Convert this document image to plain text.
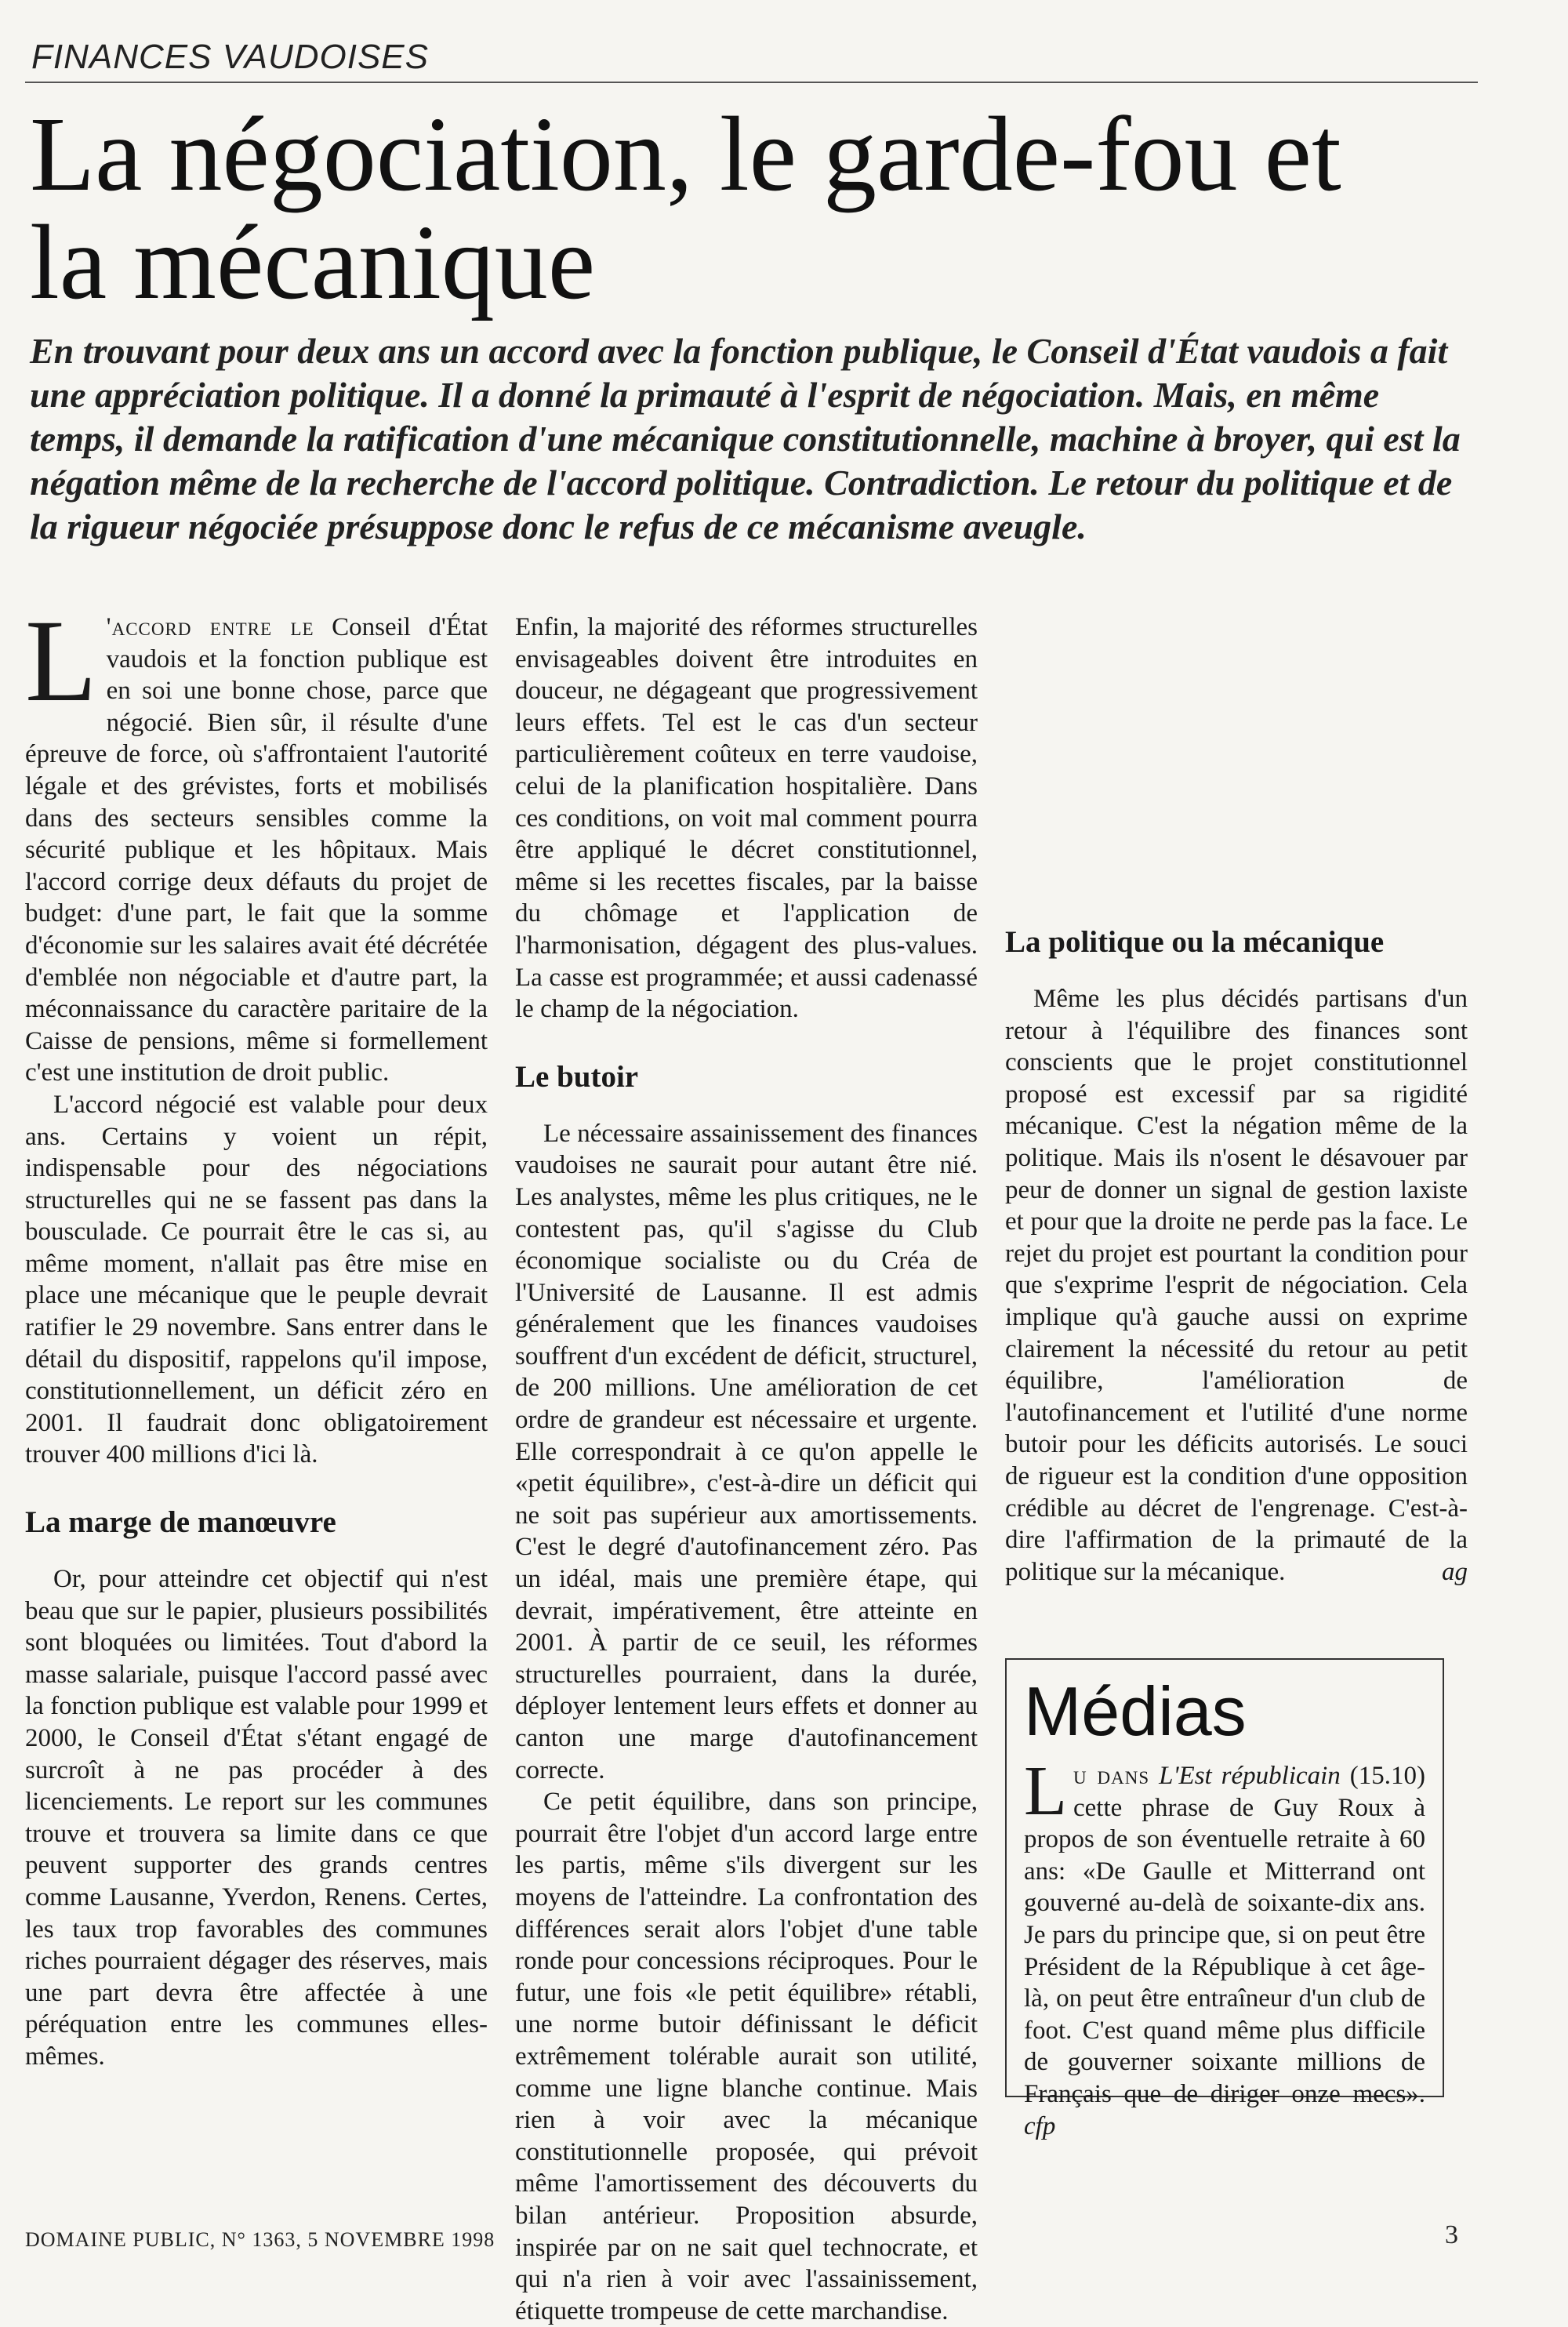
FINANCES VAUDOISES
La négociation, le garde-fou et la mécanique
En trouvant pour deux ans un accord avec la fonction publique, le Conseil d'État vaudois a fait une appréciation politique. Il a donné la primauté à l'esprit de négociation. Mais, en même temps, il demande la ratification d'une mécanique constitutionnelle, machine à broyer, qui est la négation même de la recherche de l'accord politique. Contradiction. Le retour du politique et de la rigueur négociée présuppose donc le refus de ce mécanisme aveugle.

L 'accord entre le Conseil d'État vaudois et la fonction publique est en soi une bonne chose, parce que négocié. Bien sûr, il résulte d'une épreuve de force, où s'affrontaient l'autorité légale et des grévistes, forts et mobilisés dans des secteurs sensibles comme la sécurité publique et les hôpitaux. Mais l'accord corrige deux défauts du projet de budget: d'une part, le fait que la somme d'économie sur les salaires avait été décrétée d'emblée non négociable et d'autre part, la méconnaissance du caractère paritaire de la Caisse de pensions, même si formellement c'est une institution de droit public.

L'accord négocié est valable pour deux ans. Certains y voient un répit, indispensable pour des négociations structurelles qui ne se fassent pas dans la bousculade. Ce pourrait être le cas si, au même moment, n'allait pas être mise en place une mécanique que le peuple devrait ratifier le 29 novembre. Sans entrer dans le détail du dispositif, rappelons qu'il impose, constitutionnellement, un déficit zéro en 2001. Il faudrait donc obligatoirement trouver 400 millions d'ici là.

La marge de manœuvre

Or, pour atteindre cet objectif qui n'est beau que sur le papier, plusieurs possibilités sont bloquées ou limitées. Tout d'abord la masse salariale, puisque l'accord passé avec la fonction publique est valable pour 1999 et 2000, le Conseil d'État s'étant engagé de surcroît à ne pas procéder à des licenciements. Le report sur les communes trouve et trouvera sa limite dans ce que peuvent supporter des grands centres comme Lausanne, Yverdon, Renens. Certes, les taux trop favorables des communes riches pourraient dégager des réserves, mais une part devra être affectée à une péréquation entre les communes elles-mêmes.

Enfin, la majorité des réformes structurelles envisageables doivent être introduites en douceur, ne dégageant que progressivement leurs effets. Tel est le cas d'un secteur particulièrement coûteux en terre vaudoise, celui de la planification hospitalière. Dans ces conditions, on voit mal comment pourra être appliqué le décret constitutionnel, même si les recettes fiscales, par la baisse du chômage et l'application de l'harmonisation, dégagent des plus-values. La casse est programmée; et aussi cadenassé le champ de la négociation.

Le butoir

Le nécessaire assainissement des finances vaudoises ne saurait pour autant être nié. Les analystes, même les plus critiques, ne le contestent pas, qu'il s'agisse du Club économique socialiste ou du Créa de l'Université de Lausanne. Il est admis généralement que les finances vaudoises souffrent d'un excédent de déficit, structurel, de 200 millions. Une amélioration de cet ordre de grandeur est nécessaire et urgente. Elle correspondrait à ce qu'on appelle le «petit équilibre», c'est-à-dire un déficit qui ne soit pas supérieur aux amortissements. C'est le degré d'autofinancement zéro. Pas un idéal, mais une première étape, qui devrait, impérativement, être atteinte en 2001. À partir de ce seuil, les réformes structurelles pourraient, dans la durée, déployer lentement leurs effets et donner au canton une marge d'autofinancement correcte.

Ce petit équilibre, dans son principe, pourrait être l'objet d'un accord large entre les partis, même s'ils divergent sur les moyens de l'atteindre. La confrontation des différences serait alors l'objet d'une table ronde pour concessions réciproques. Pour le futur, une fois «le petit équilibre» rétabli, une norme butoir définissant le déficit extrêmement tolérable aurait son utilité, comme une ligne blanche continue. Mais rien à voir avec la mécanique constitutionnelle proposée, qui prévoit même l'amortissement des découverts du bilan antérieur. Proposition absurde, inspirée par on ne sait quel technocrate, et qui n'a rien à voir avec l'assainissement, étiquette trompeuse de cette marchandise.

La politique ou la mécanique

Même les plus décidés partisans d'un retour à l'équilibre des finances sont conscients que le projet constitutionnel proposé est excessif par sa rigidité mécanique. C'est la négation même de la politique. Mais ils n'osent le désavouer par peur de donner un signal de gestion laxiste et pour que la droite ne perde pas la face. Le rejet du projet est pourtant la condition pour que s'exprime l'esprit de négociation. Cela implique qu'à gauche aussi on exprime clairement la nécessité du retour au petit équilibre, l'amélioration de l'autofinancement et l'utilité d'une norme butoir pour les déficits autorisés. Le souci de rigueur est la condition d'une opposition crédible au décret de l'engrenage. C'est-à-dire l'affirmation de la primauté de la politique sur la mécanique.	ag
Médias

Lu dans L'Est républicain (15.10) cette phrase de Guy Roux à propos de son éventuelle retraite à 60 ans: «De Gaulle et Mitterrand ont gouverné au-delà de soixante-dix ans. Je pars du principe que, si on peut être Président de la République à cet âge-là, on peut être entraîneur d'un club de foot. C'est quand même plus difficile de gouverner soixante millions de Français que de diriger onze mecs». cfp

DOMAINE PUBLIC, N° 1363, 5 NOVEMBRE 1998	3
